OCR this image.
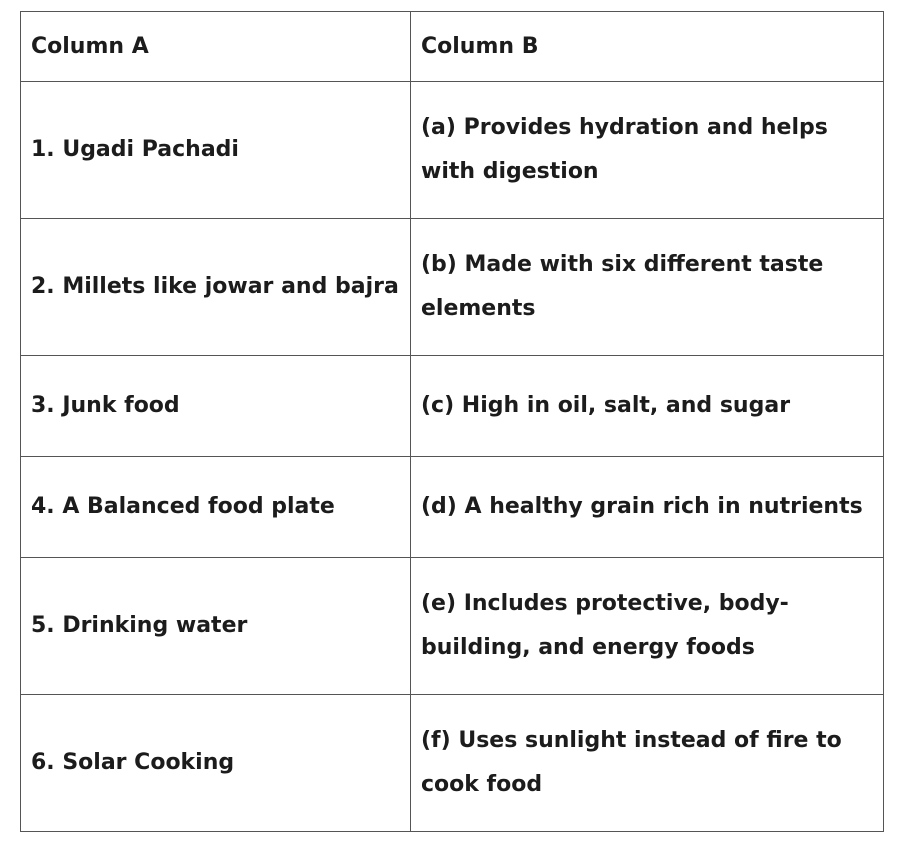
Column A	Column B
1. Ugadi Pachadi	(a) Provides hydration and helps with digestion
2. Millets like jowar and bajra	(b) Made with six different taste elements
3. Junk food	(c) High in oil, salt, and sugar
4. A Balanced food plate	(d) A healthy grain rich in nutrients
5. Drinking water	(e) Includes protective, body-building, and energy foods
6. Solar Cooking	(f) Uses sunlight instead of fire to cook food
